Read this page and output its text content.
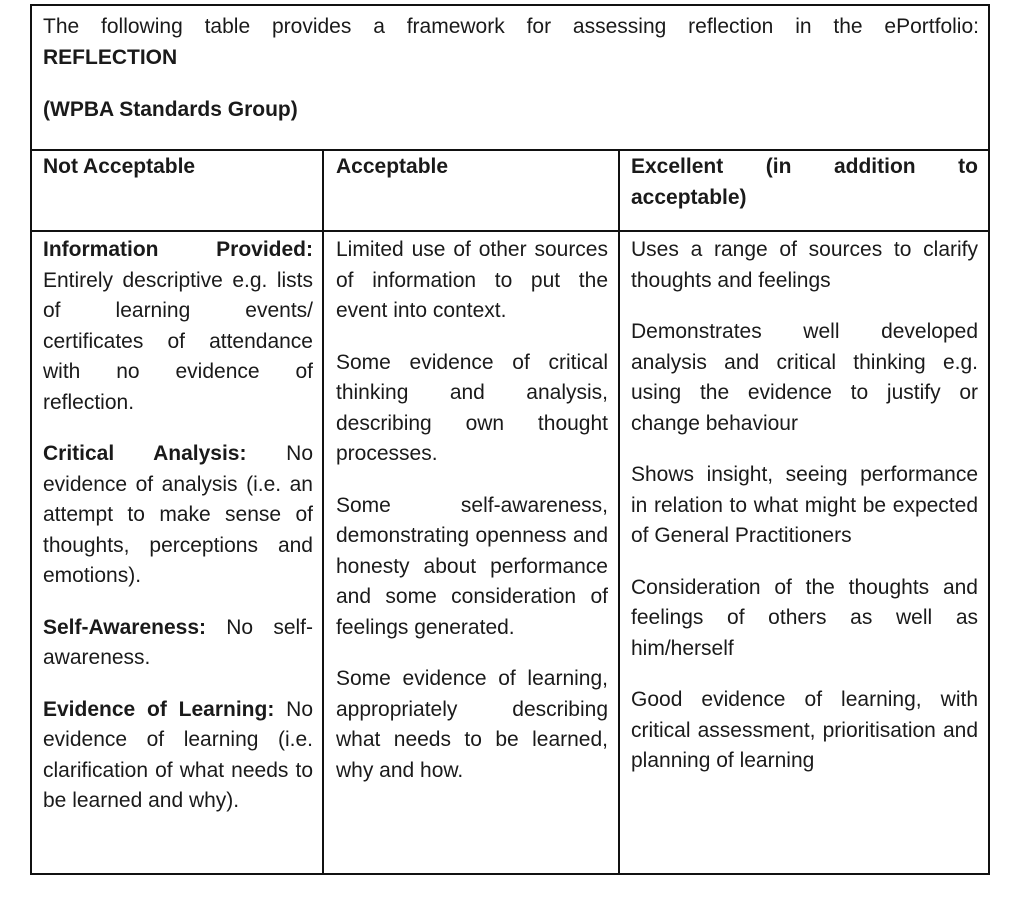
The following table provides a framework for assessing reflection in the ePortfolio:
REFLECTION
(WPBA Standards Group)
Not Acceptable	Acceptable	Excellent (in addition to
acceptable)

Information Provided: Entirely descriptive e.g. lists of learning events/ certificates of attendance with no evidence of reflection.

Critical Analysis: No evidence of analysis (i.e. an attempt to make sense of thoughts, perceptions and emotions).

Self-Awareness: No self-awareness.

Evidence of Learning: No evidence of learning (i.e. clarification of what needs to be learned and why).

Limited use of other sources of information to put the event into context.

Some evidence of critical thinking and analysis, describing own thought processes.

Some self-awareness, demonstrating openness and honesty about performance and some consideration of feelings generated.

Some evidence of learning, appropriately describing what needs to be learned, why and how.

Uses a range of sources to clarify thoughts and feelings

Demonstrates well developed analysis and critical thinking e.g. using the evidence to justify or change behaviour

Shows insight, seeing performance in relation to what might be expected of General Practitioners

Consideration of the thoughts and feelings of others as well as him/herself

Good evidence of learning, with critical assessment, prioritisation and planning of learning
